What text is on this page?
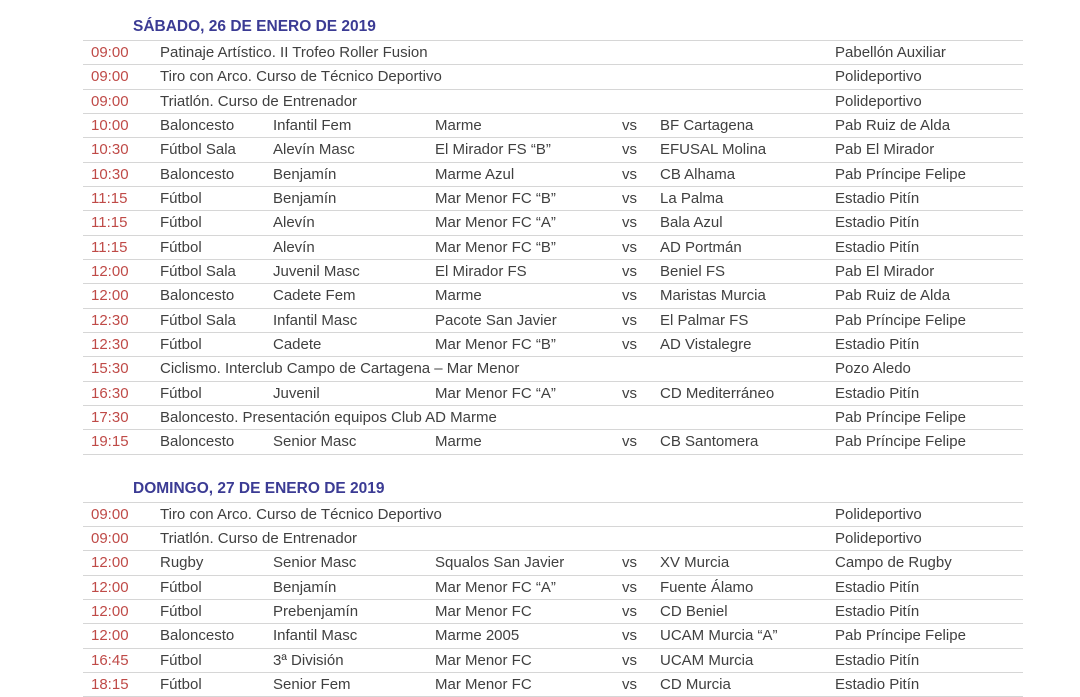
SÁBADO, 26 DE ENERO DE 2019
09:00	Patinaje Artístico. II Trofeo Roller Fusion	Pabellón Auxiliar
09:00	Tiro con Arco. Curso de Técnico Deportivo	Polideportivo
09:00	Triatlón. Curso de Entrenador	Polideportivo
10:00	Baloncesto	Infantil Fem	Marme	vs	BF Cartagena	Pab Ruiz de Alda
10:30	Fútbol Sala	Alevín Masc	El Mirador FS “B”	vs	EFUSAL Molina	Pab El Mirador
10:30	Baloncesto	Benjamín	Marme Azul	vs	CB Alhama	Pab Príncipe Felipe
11:15	Fútbol	Benjamín	Mar Menor FC “B”	vs	La Palma	Estadio Pitín
11:15	Fútbol	Alevín	Mar Menor FC “A”	vs	Bala Azul	Estadio Pitín
11:15	Fútbol	Alevín	Mar Menor FC “B”	vs	AD Portmán	Estadio Pitín
12:00	Fútbol Sala	Juvenil Masc	El Mirador FS	vs	Beniel FS	Pab El Mirador
12:00	Baloncesto	Cadete Fem	Marme	vs	Maristas Murcia	Pab Ruiz de Alda
12:30	Fútbol Sala	Infantil Masc	Pacote San Javier	vs	El Palmar FS	Pab Príncipe Felipe
12:30	Fútbol	Cadete	Mar Menor FC “B”	vs	AD Vistalegre	Estadio Pitín
15:30	Ciclismo. Interclub Campo de Cartagena – Mar Menor	Pozo Aledo
16:30	Fútbol	Juvenil	Mar Menor FC “A”	vs	CD Mediterráneo	Estadio Pitín
17:30	Baloncesto. Presentación equipos Club AD Marme	Pab Príncipe Felipe
19:15	Baloncesto	Senior Masc	Marme	vs	CB Santomera	Pab Príncipe Felipe
DOMINGO, 27 DE ENERO DE 2019
09:00	Tiro con Arco. Curso de Técnico Deportivo	Polideportivo
09:00	Triatlón. Curso de Entrenador	Polideportivo
12:00	Rugby	Senior Masc	Squalos San Javier	vs	XV Murcia	Campo de Rugby
12:00	Fútbol	Benjamín	Mar Menor FC “A”	vs	Fuente Álamo	Estadio Pitín
12:00	Fútbol	Prebenjamín	Mar Menor FC	vs	CD Beniel	Estadio Pitín
12:00	Baloncesto	Infantil Masc	Marme 2005	vs	UCAM Murcia “A”	Pab Príncipe Felipe
16:45	Fútbol	3ª División	Mar Menor FC	vs	UCAM Murcia	Estadio Pitín
18:15	Fútbol	Senior Fem	Mar Menor FC	vs	CD Murcia	Estadio Pitín
